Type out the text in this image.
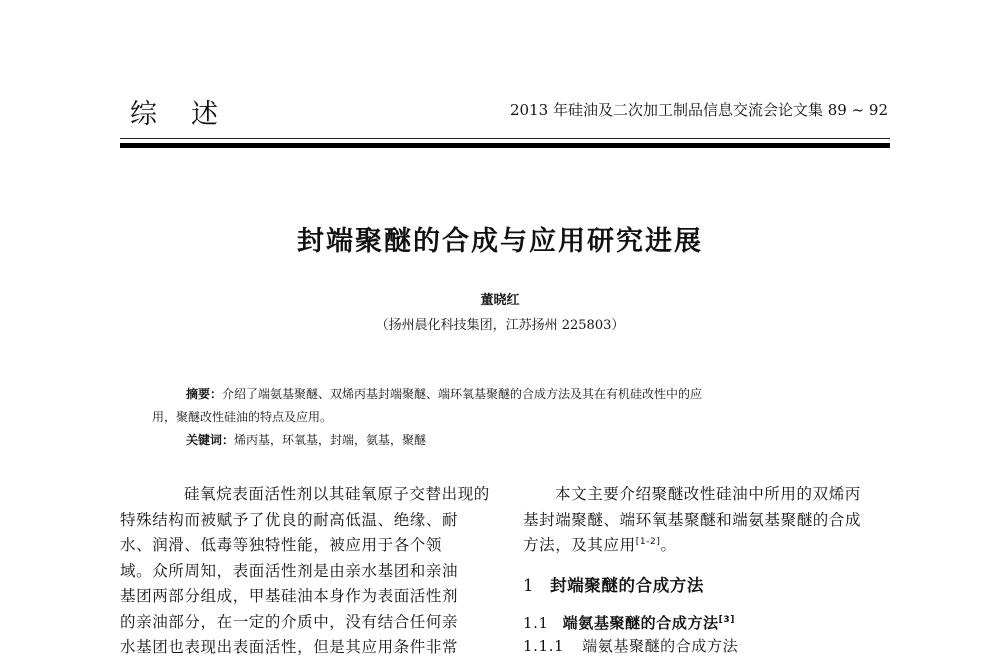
综述	2013 年硅油及二次加工制品信息交流会论文集 89 ~ 92
封端聚醚的合成与应用研究进展
董晓红
（扬州晨化科技集团，江苏扬州 225803）
摘要：介绍了端氨基聚醚、双烯丙基封端聚醚、端环氧基聚醚的合成方法及其在有机硅改性中的应
用，聚醚改性硅油的特点及应用。
关键词：烯丙基，环氧基，封端，氨基，聚醚
硅氧烷表面活性剂以其硅氧原子交替出现的
特殊结构而被赋予了优良的耐高低温、绝缘、耐
水、润滑、低毒等独特性能，被应用于各个领
域。众所周知，表面活性剂是由亲水基团和亲油
基团两部分组成，甲基硅油本身作为表面活性剂
的亲油部分，在一定的介质中，没有结合任何亲
水基团也表现出表面活性，但是其应用条件非常
本文主要介绍聚醚改性硅油中所用的双烯丙
基封端聚醚、端环氧基聚醚和端氨基聚醚的合成
方法，及其应用[1-2]。
1 封端聚醚的合成方法
1.1 端氨基聚醚的合成方法[3]
1.1.1 端氨基聚醚的合成方法
